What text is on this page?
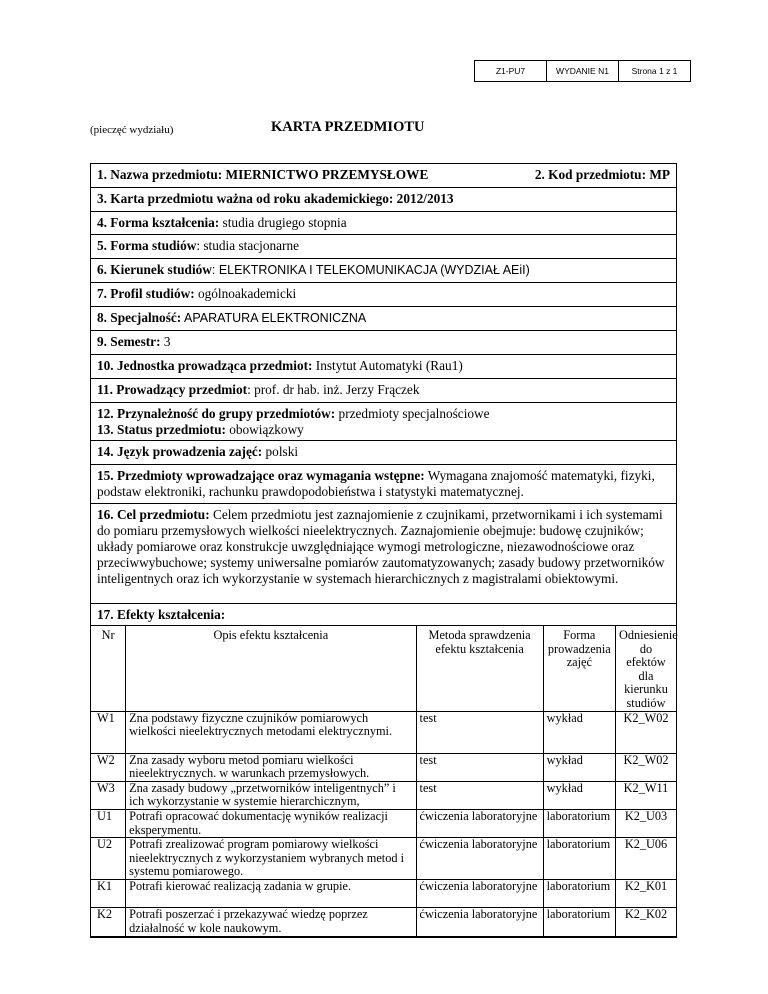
Z1-PU7	WYDANIE N1	Strona 1 z 1
(pieczęć wydziału)	KARTA PRZEDMIOTU
1. Nazwa przedmiotu: MIERNICTWO PRZEMYSŁOWE	2. Kod przedmiotu: MP
3. Karta przedmiotu ważna od roku akademickiego: 2012/2013
4. Forma kształcenia: studia drugiego stopnia
5. Forma studiów: studia stacjonarne
6. Kierunek studiów: ELEKTRONIKA I TELEKOMUNIKACJA (WYDZIAŁ AEiI)
7. Profil studiów: ogólnoakademicki
8. Specjalność: APARATURA ELEKTRONICZNA
9. Semestr: 3
10. Jednostka prowadząca przedmiot: Instytut Automatyki (Rau1)
11. Prowadzący przedmiot: prof. dr hab. inż. Jerzy Frączek
12. Przynależność do grupy przedmiotów: przedmioty specjalnościowe
13. Status przedmiotu: obowiązkowy
14. Język prowadzenia zajęć: polski
15. Przedmioty wprowadzające oraz wymagania wstępne: Wymagana znajomość matematyki, fizyki, podstaw elektroniki, rachunku prawdopodobieństwa i statystyki matematycznej.
16. Cel przedmiotu: Celem przedmiotu jest zaznajomienie z czujnikami, przetwornikami i ich systemami do pomiaru przemysłowych wielkości nieelektrycznych. Zaznajomienie obejmuje: budowę czujników; układy pomiarowe oraz konstrukcje uwzględniające wymogi metrologiczne, niezawodnościowe oraz przeciwwybuchowe; systemy uniwersalne pomiarów zautomatyzowanych; zasady budowy przetworników inteligentnych oraz ich wykorzystanie w systemach hierarchicznych z magistralami obiektowymi.
17. Efekty kształcenia:
Nr	Opis efektu kształcenia	Metoda sprawdzenia efektu kształcenia	Forma prowadzenia zajęć	Odniesienie do efektów dla kierunku studiów
W1	Zna podstawy fizyczne czujników pomiarowych wielkości nieelektrycznych metodami elektrycznymi.	test	wykład	K2_W02
W2	Zna zasady wyboru metod pomiaru wielkości nieelektrycznych. w warunkach przemysłowych.	test	wykład	K2_W02
W3	Zna zasady budowy „przetworników inteligentnych” i ich wykorzystanie w systemie hierarchicznym,	test	wykład	K2_W11
U1	Potrafi opracować dokumentację wyników realizacji eksperymentu.	ćwiczenia laboratoryjne	laboratorium	K2_U03
U2	Potrafi zrealizować program pomiarowy wielkości nieelektrycznych z wykorzystaniem wybranych metod i systemu pomiarowego.	ćwiczenia laboratoryjne	laboratorium	K2_U06
K1	Potrafi kierować realizacją zadania w grupie.	ćwiczenia laboratoryjne	laboratorium	K2_K01
K2	Potrafi poszerzać i przekazywać wiedzę poprzez działalność w kole naukowym.	ćwiczenia laboratoryjne	laboratorium	K2_K02
